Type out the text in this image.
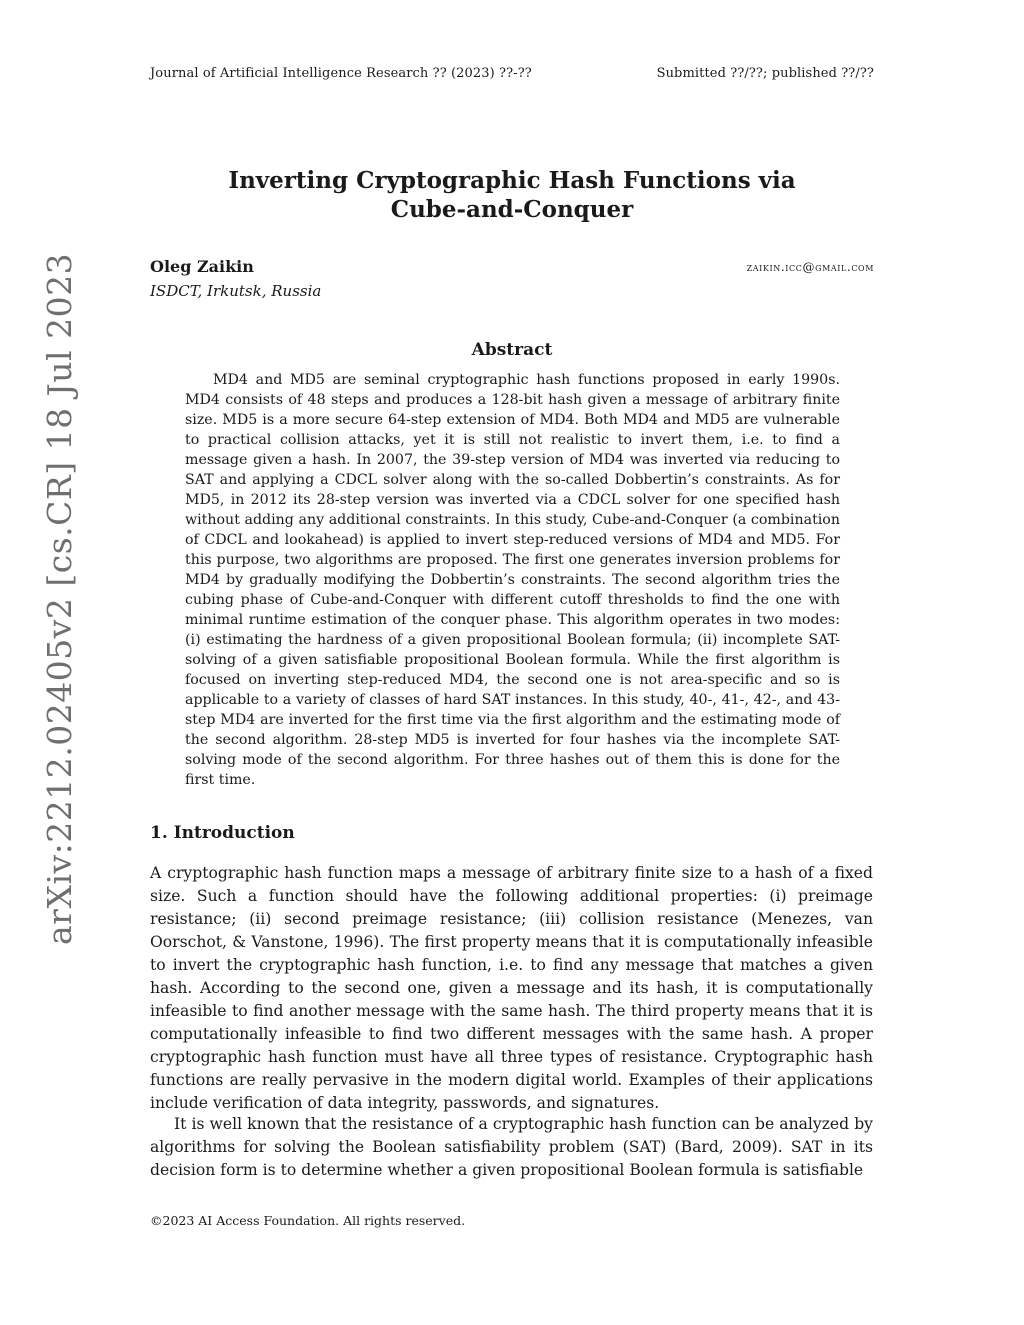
Journal of Artificial Intelligence Research ?? (2023) ??-??	Submitted ??/??; published ??/??
Inverting Cryptographic Hash Functions via
Cube-and-Conquer
Oleg Zaikin
ISDCT, Irkutsk, Russia
zaikin.icc@gmail.com
Abstract

MD4 and MD5 are seminal cryptographic hash functions proposed in early 1990s. MD4 consists of 48 steps and produces a 128-bit hash given a message of arbitrary finite size. MD5 is a more secure 64-step extension of MD4. Both MD4 and MD5 are vulnerable to practical collision attacks, yet it is still not realistic to invert them, i.e. to find a message given a hash. In 2007, the 39-step version of MD4 was inverted via reducing to SAT and applying a CDCL solver along with the so-called Dobbertin’s constraints. As for MD5, in 2012 its 28-step version was inverted via a CDCL solver for one specified hash without adding any additional constraints. In this study, Cube-and-Conquer (a combination of CDCL and lookahead) is applied to invert step-reduced versions of MD4 and MD5. For this purpose, two algorithms are proposed. The first one generates inversion problems for MD4 by gradually modifying the Dobbertin’s constraints. The second algorithm tries the cubing phase of Cube-and-Conquer with different cutoff thresholds to find the one with minimal runtime estimation of the conquer phase. This algorithm operates in two modes: (i) estimating the hardness of a given propositional Boolean formula; (ii) incomplete SAT-solving of a given satisfiable propositional Boolean formula. While the first algorithm is focused on inverting step-reduced MD4, the second one is not area-specific and so is applicable to a variety of classes of hard SAT instances. In this study, 40-, 41-, 42-, and 43-step MD4 are inverted for the first time via the first algorithm and the estimating mode of the second algorithm. 28-step MD5 is inverted for four hashes via the incomplete SAT-solving mode of the second algorithm. For three hashes out of them this is done for the first time.

1. Introduction

A cryptographic hash function maps a message of arbitrary finite size to a hash of a fixed size. Such a function should have the following additional properties: (i) preimage resistance; (ii) second preimage resistance; (iii) collision resistance (Menezes, van Oorschot, & Vanstone, 1996). The first property means that it is computationally infeasible to invert the cryptographic hash function, i.e. to find any message that matches a given hash. According to the second one, given a message and its hash, it is computationally infeasible to find another message with the same hash. The third property means that it is computationally infeasible to find two different messages with the same hash. A proper cryptographic hash function must have all three types of resistance. Cryptographic hash functions are really pervasive in the modern digital world. Examples of their applications include verification of data integrity, passwords, and signatures.

It is well known that the resistance of a cryptographic hash function can be analyzed by algorithms for solving the Boolean satisfiability problem (SAT) (Bard, 2009). SAT in its decision form is to determine whether a given propositional Boolean formula is satisfiable

©2023 AI Access Foundation. All rights reserved.
arXiv:2212.02405v2 [cs.CR] 18 Jul 2023
